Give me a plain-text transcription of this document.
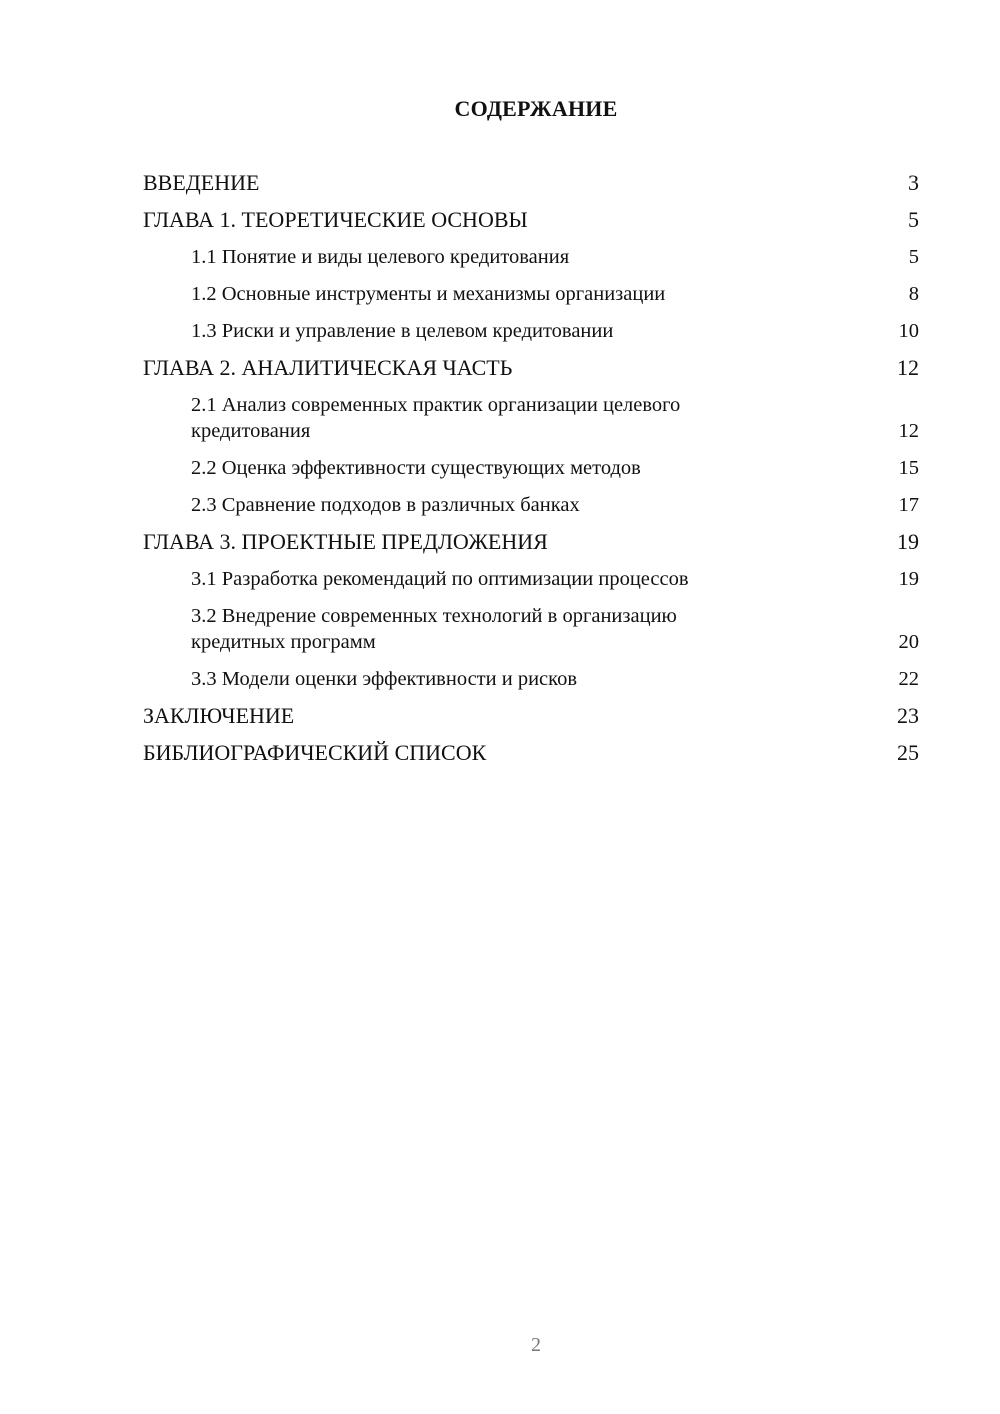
СОДЕРЖАНИЕ
ВВЕДЕНИЕ	3
ГЛАВА 1. ТЕОРЕТИЧЕСКИЕ ОСНОВЫ	5
1.1 Понятие и виды целевого кредитования	5
1.2 Основные инструменты и механизмы организации	8
1.3 Риски и управление в целевом кредитовании	10
ГЛАВА 2. АНАЛИТИЧЕСКАЯ ЧАСТЬ	12
2.1 Анализ современных практик организации целевого
кредитования	12
2.2 Оценка эффективности существующих методов	15
2.3 Сравнение подходов в различных банках	17
ГЛАВА 3. ПРОЕКТНЫЕ ПРЕДЛОЖЕНИЯ	19
3.1 Разработка рекомендаций по оптимизации процессов	19
3.2 Внедрение современных технологий в организацию
кредитных программ	20
3.3 Модели оценки эффективности и рисков	22
ЗАКЛЮЧЕНИЕ	23
БИБЛИОГРАФИЧЕСКИЙ СПИСОК	25
2
